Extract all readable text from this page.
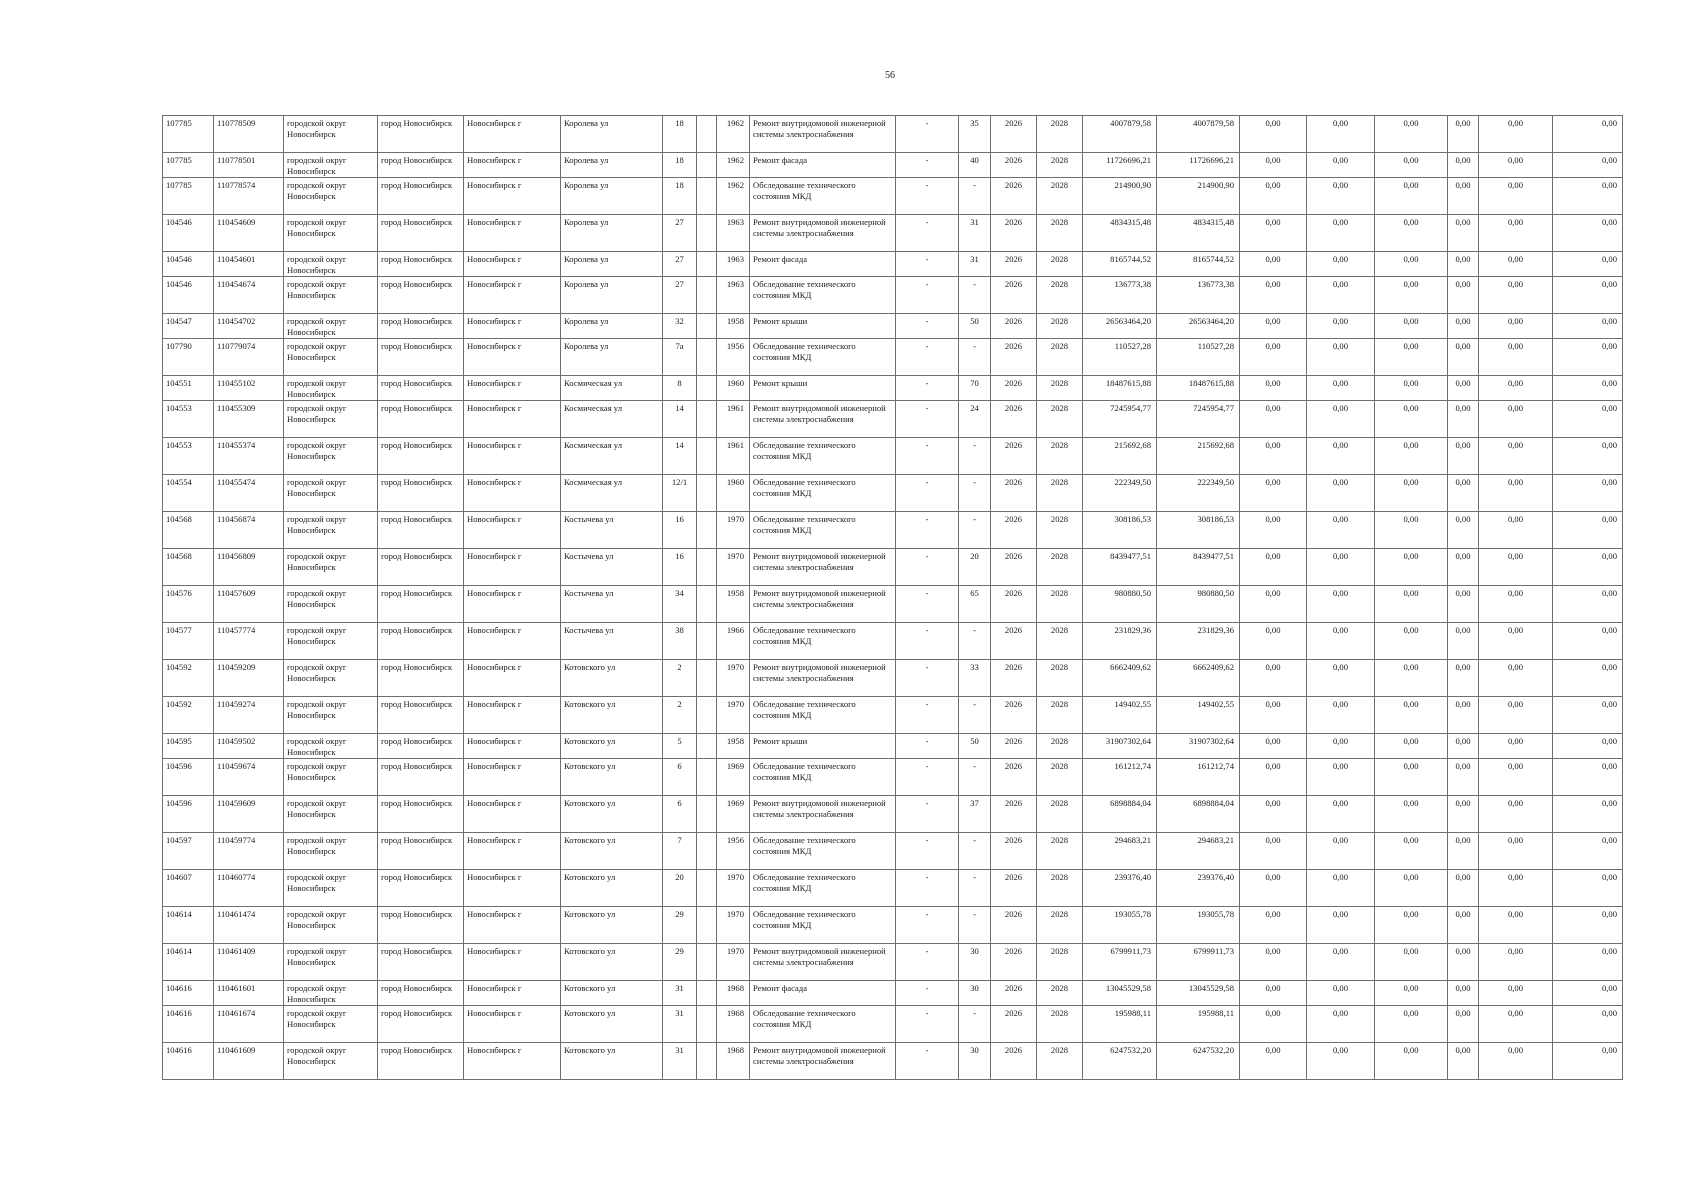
56
107785	110778509	городской округ Новосибирск	город Новосибирск	Новосибирск г	Королева ул	18		1962	Ремонт внутридомовой инженерной системы электроснабжения	-	35	2026	2028	4007879,58	4007879,58	0,00	0,00	0,00	0,00	0,00	0,00
107785	110778501	городской округ Новосибирск	город Новосибирск	Новосибирск г	Королева ул	18		1962	Ремонт фасада	-	40	2026	2028	11726696,21	11726696,21	0,00	0,00	0,00	0,00	0,00	0,00
107785	110778574	городской округ Новосибирск	город Новосибирск	Новосибирск г	Королева ул	18		1962	Обследование технического состояния МКД	-	-	2026	2028	214900,90	214900,90	0,00	0,00	0,00	0,00	0,00	0,00
104546	110454609	городской округ Новосибирск	город Новосибирск	Новосибирск г	Королева ул	27		1963	Ремонт внутридомовой инженерной системы электроснабжения	-	31	2026	2028	4834315,48	4834315,48	0,00	0,00	0,00	0,00	0,00	0,00
104546	110454601	городской округ Новосибирск	город Новосибирск	Новосибирск г	Королева ул	27		1963	Ремонт фасада	-	31	2026	2028	8165744,52	8165744,52	0,00	0,00	0,00	0,00	0,00	0,00
104546	110454674	городской округ Новосибирск	город Новосибирск	Новосибирск г	Королева ул	27		1963	Обследование технического состояния МКД	-	-	2026	2028	136773,38	136773,38	0,00	0,00	0,00	0,00	0,00	0,00
104547	110454702	городской округ Новосибирск	город Новосибирск	Новосибирск г	Королева ул	32		1958	Ремонт крыши	-	50	2026	2028	26563464,20	26563464,20	0,00	0,00	0,00	0,00	0,00	0,00
107790	110779074	городской округ Новосибирск	город Новосибирск	Новосибирск г	Королева ул	7а		1956	Обследование технического состояния МКД	-	-	2026	2028	110527,28	110527,28	0,00	0,00	0,00	0,00	0,00	0,00
104551	110455102	городской округ Новосибирск	город Новосибирск	Новосибирск г	Космическая ул	8		1960	Ремонт крыши	-	70	2026	2028	18487615,88	18487615,88	0,00	0,00	0,00	0,00	0,00	0,00
104553	110455309	городской округ Новосибирск	город Новосибирск	Новосибирск г	Космическая ул	14		1961	Ремонт внутридомовой инженерной системы электроснабжения	-	24	2026	2028	7245954,77	7245954,77	0,00	0,00	0,00	0,00	0,00	0,00
104553	110455374	городской округ Новосибирск	город Новосибирск	Новосибирск г	Космическая ул	14		1961	Обследование технического состояния МКД	-	-	2026	2028	215692,68	215692,68	0,00	0,00	0,00	0,00	0,00	0,00
104554	110455474	городской округ Новосибирск	город Новосибирск	Новосибирск г	Космическая ул	12/1		1960	Обследование технического состояния МКД	-	-	2026	2028	222349,50	222349,50	0,00	0,00	0,00	0,00	0,00	0,00
104568	110456874	городской округ Новосибирск	город Новосибирск	Новосибирск г	Костычева ул	16		1970	Обследование технического состояния МКД	-	-	2026	2028	308186,53	308186,53	0,00	0,00	0,00	0,00	0,00	0,00
104568	110456809	городской округ Новосибирск	город Новосибирск	Новосибирск г	Костычева ул	16		1970	Ремонт внутридомовой инженерной системы электроснабжения	-	20	2026	2028	8439477,51	8439477,51	0,00	0,00	0,00	0,00	0,00	0,00
104576	110457609	городской округ Новосибирск	город Новосибирск	Новосибирск г	Костычева ул	34		1958	Ремонт внутридомовой инженерной системы электроснабжения	-	65	2026	2028	980880,50	980880,50	0,00	0,00	0,00	0,00	0,00	0,00
104577	110457774	городской округ Новосибирск	город Новосибирск	Новосибирск г	Костычева ул	38		1966	Обследование технического состояния МКД	-	-	2026	2028	231829,36	231829,36	0,00	0,00	0,00	0,00	0,00	0,00
104592	110459209	городской округ Новосибирск	город Новосибирск	Новосибирск г	Котовского ул	2		1970	Ремонт внутридомовой инженерной системы электроснабжения	-	33	2026	2028	6662409,62	6662409,62	0,00	0,00	0,00	0,00	0,00	0,00
104592	110459274	городской округ Новосибирск	город Новосибирск	Новосибирск г	Котовского ул	2		1970	Обследование технического состояния МКД	-	-	2026	2028	149402,55	149402,55	0,00	0,00	0,00	0,00	0,00	0,00
104595	110459502	городской округ Новосибирск	город Новосибирск	Новосибирск г	Котовского ул	5		1958	Ремонт крыши	-	50	2026	2028	31907302,64	31907302,64	0,00	0,00	0,00	0,00	0,00	0,00
104596	110459674	городской округ Новосибирск	город Новосибирск	Новосибирск г	Котовского ул	6		1969	Обследование технического состояния МКД	-	-	2026	2028	161212,74	161212,74	0,00	0,00	0,00	0,00	0,00	0,00
104596	110459609	городской округ Новосибирск	город Новосибирск	Новосибирск г	Котовского ул	6		1969	Ремонт внутридомовой инженерной системы электроснабжения	-	37	2026	2028	6898884,04	6898884,04	0,00	0,00	0,00	0,00	0,00	0,00
104597	110459774	городской округ Новосибирск	город Новосибирск	Новосибирск г	Котовского ул	7		1956	Обследование технического состояния МКД	-	-	2026	2028	294683,21	294683,21	0,00	0,00	0,00	0,00	0,00	0,00
104607	110460774	городской округ Новосибирск	город Новосибирск	Новосибирск г	Котовского ул	20		1970	Обследование технического состояния МКД	-	-	2026	2028	239376,40	239376,40	0,00	0,00	0,00	0,00	0,00	0,00
104614	110461474	городской округ Новосибирск	город Новосибирск	Новосибирск г	Котовского ул	29		1970	Обследование технического состояния МКД	-	-	2026	2028	193055,78	193055,78	0,00	0,00	0,00	0,00	0,00	0,00
104614	110461409	городской округ Новосибирск	город Новосибирск	Новосибирск г	Котовского ул	29		1970	Ремонт внутридомовой инженерной системы электроснабжения	-	30	2026	2028	6799911,73	6799911,73	0,00	0,00	0,00	0,00	0,00	0,00
104616	110461601	городской округ Новосибирск	город Новосибирск	Новосибирск г	Котовского ул	31		1968	Ремонт фасада	-	30	2026	2028	13045529,58	13045529,58	0,00	0,00	0,00	0,00	0,00	0,00
104616	110461674	городской округ Новосибирск	город Новосибирск	Новосибирск г	Котовского ул	31		1968	Обследование технического состояния МКД	-	-	2026	2028	195988,11	195988,11	0,00	0,00	0,00	0,00	0,00	0,00
104616	110461609	городской округ Новосибирск	город Новосибирск	Новосибирск г	Котовского ул	31		1968	Ремонт внутридомовой инженерной системы электроснабжения	-	30	2026	2028	6247532,20	6247532,20	0,00	0,00	0,00	0,00	0,00	0,00
